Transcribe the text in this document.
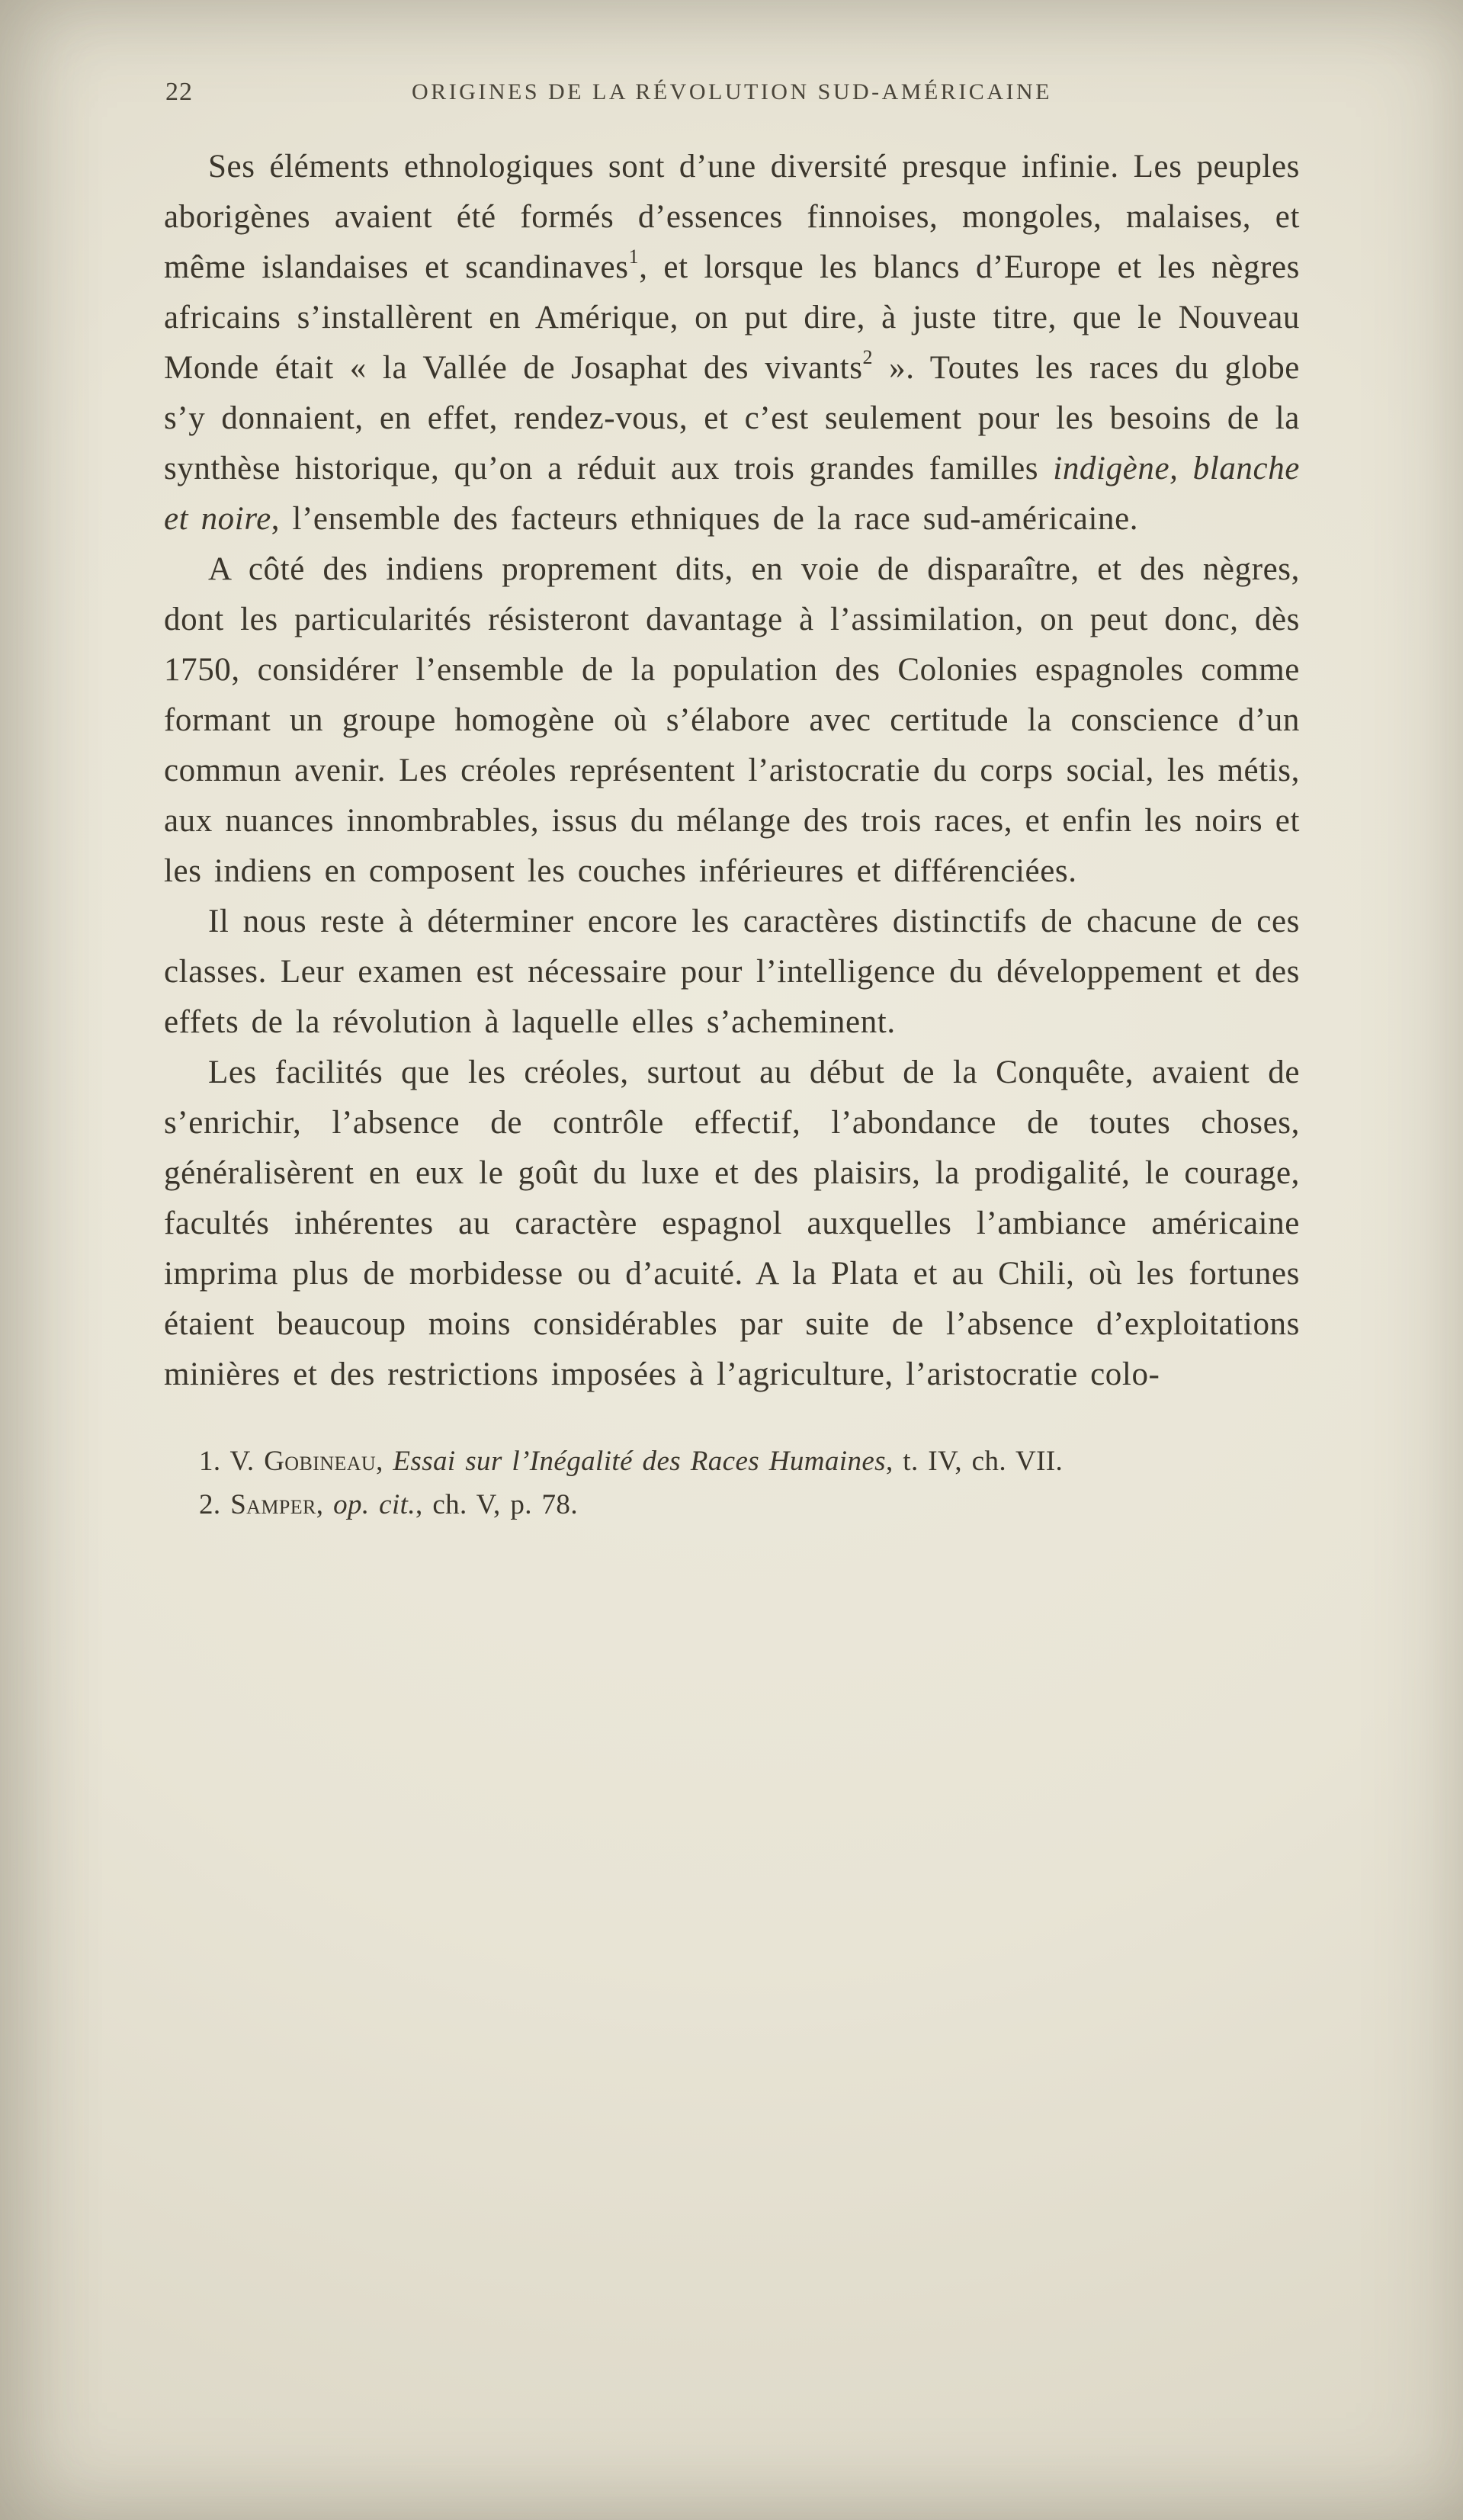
22	ORIGINES DE LA RÉVOLUTION SUD-AMÉRICAINE

Ses éléments ethnologiques sont d’une diversité presque infinie. Les peuples aborigènes avaient été formés d’essences finnoises, mongoles, malaises, et même islandaises et scandinaves$^1$, et lorsque les blancs d’Europe et les nègres africains s’installèrent en Amérique, on put dire, à juste titre, que le Nouveau Monde était « la Vallée de Josaphat des vivants$^2$ ». Toutes les races du globe s’y donnaient, en effet, rendez-vous, et c’est seulement pour les besoins de la synthèse historique, qu’on a réduit aux trois grandes familles indigène, blanche et noire, l’ensemble des facteurs ethniques de la race sud-américaine.

A côté des indiens proprement dits, en voie de disparaître, et des nègres, dont les particularités résisteront davantage à l’assimilation, on peut donc, dès 1750, considérer l’ensemble de la population des Colonies espagnoles comme formant un groupe homogène où s’élabore avec certitude la conscience d’un commun avenir. Les créoles représentent l’aristocratie du corps social, les métis, aux nuances innombrables, issus du mélange des trois races, et enfin les noirs et les indiens en composent les couches inférieures et différenciées.

Il nous reste à déterminer encore les caractères distinctifs de chacune de ces classes. Leur examen est nécessaire pour l’intelligence du développement et des effets de la révolution à laquelle elles s’acheminent.

Les facilités que les créoles, surtout au début de la Conquête, avaient de s’enrichir, l’absence de contrôle effectif, l’abondance de toutes choses, généralisèrent en eux le goût du luxe et des plaisirs, la prodigalité, le courage, facultés inhérentes au caractère espagnol auxquelles l’ambiance américaine imprima plus de morbidesse ou d’acuité. A la Plata et au Chili, où les fortunes étaient beaucoup moins considérables par suite de l’absence d’exploitations minières et des restrictions imposées à l’agriculture, l’aristocratie colo-

1. V. Gobineau, Essai sur l’Inégalité des Races Humaines, t. IV, ch. VII.

2. Samper, op. cit., ch. V, p. 78.
